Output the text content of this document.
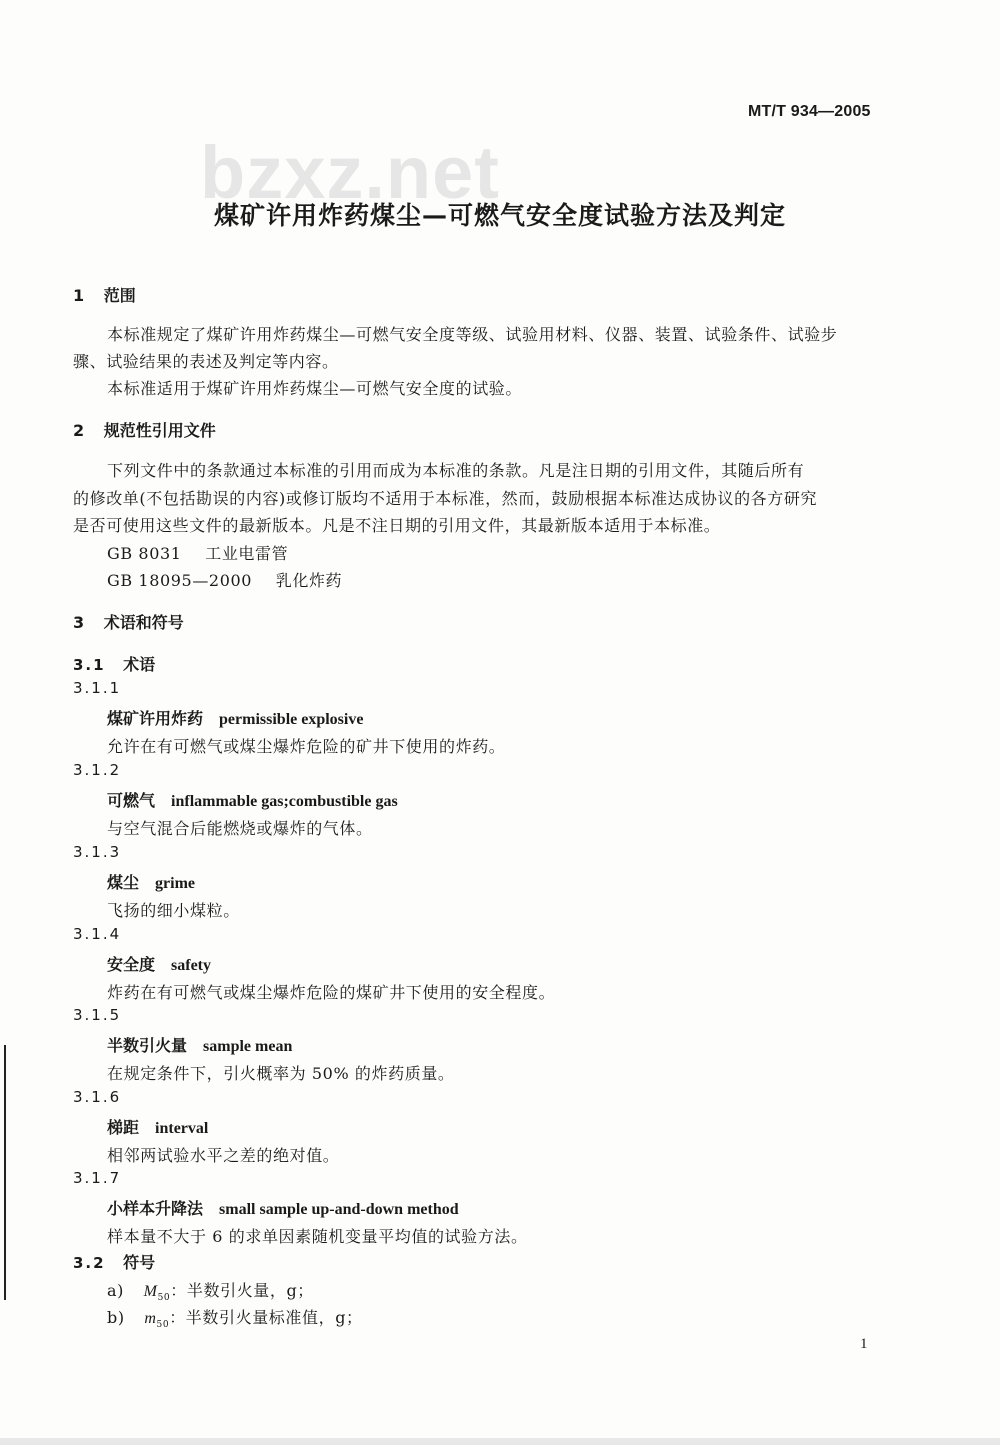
bzxz.net
MT/T 934—2005
煤矿许用炸药煤尘—可燃气安全度试验方法及判定
1 范围
本标准规定了煤矿许用炸药煤尘—可燃气安全度等级、试验用材料、仪器、装置、试验条件、试验步
骤、试验结果的表述及判定等内容。
本标准适用于煤矿许用炸药煤尘—可燃气安全度的试验。
2 规范性引用文件
下列文件中的条款通过本标准的引用而成为本标准的条款。凡是注日期的引用文件，其随后所有
的修改单(不包括勘误的内容)或修订版均不适用于本标准，然而，鼓励根据本标准达成协议的各方研究
是否可使用这些文件的最新版本。凡是不注日期的引用文件，其最新版本适用于本标准。
GB 8031 工业电雷管
GB 18095—2000 乳化炸药
3 术语和符号
3.1 术语
3.1.1
煤矿许用炸药 permissible explosive
允许在有可燃气或煤尘爆炸危险的矿井下使用的炸药。
3.1.2
可燃气 inflammable gas;combustible gas
与空气混合后能燃烧或爆炸的气体。
3.1.3
煤尘 grime
飞扬的细小煤粒。
3.1.4
安全度 safety
炸药在有可燃气或煤尘爆炸危险的煤矿井下使用的安全程度。
3.1.5
半数引火量 sample mean
在规定条件下，引火概率为 50% 的炸药质量。
3.1.6
梯距 interval
相邻两试验水平之差的绝对值。
3.1.7
小样本升降法 small sample up-and-down method
样本量不大于 6 的求单因素随机变量平均值的试验方法。
3.2 符号
a) $M_{50}$：半数引火量，g；
b) $m_{50}$：半数引火量标准值，g；
1
